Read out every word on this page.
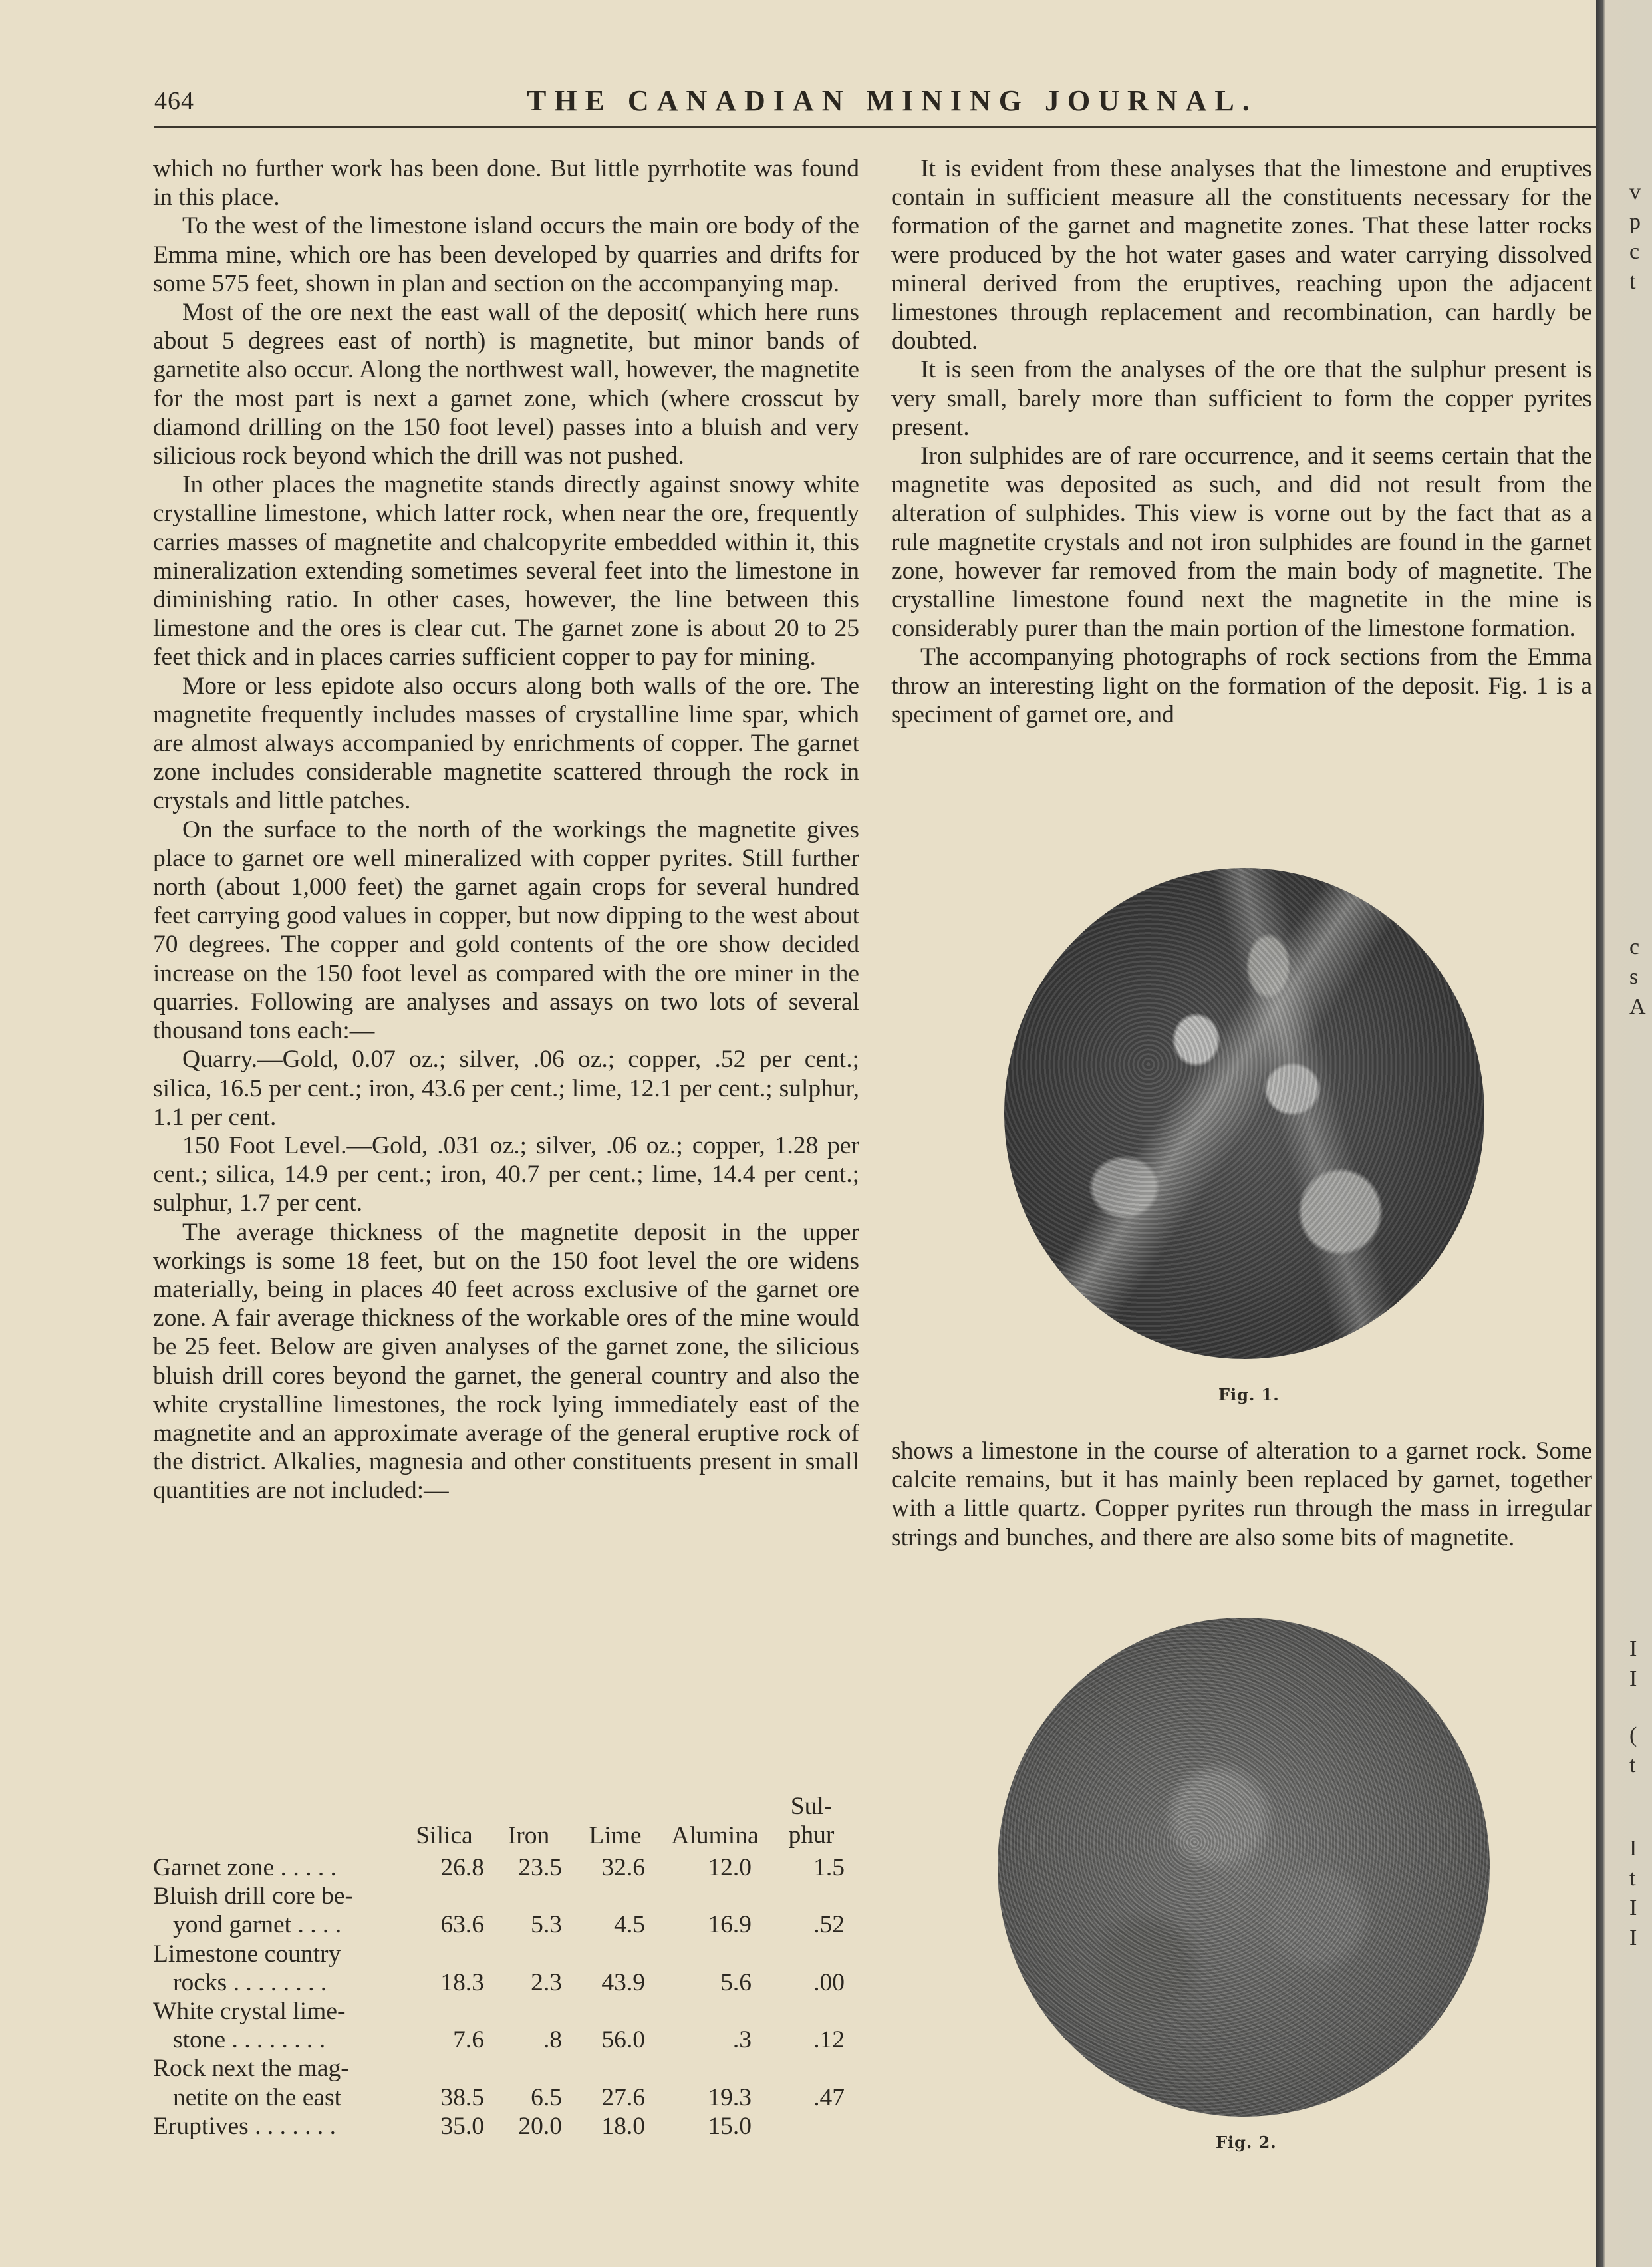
464	THE CANADIAN MINING JOURNAL.

which no further work has been done. But little pyrrhotite was found in this place.

To the west of the limestone island occurs the main ore body of the Emma mine, which ore has been developed by quarries and drifts for some 575 feet, shown in plan and section on the accompanying map.

Most of the ore next the east wall of the deposit( which here runs about 5 degrees east of north) is magnetite, but minor bands of garnetite also occur. Along the northwest wall, however, the magnetite for the most part is next a garnet zone, which (where crosscut by diamond drilling on the 150 foot level) passes into a bluish and very silicious rock beyond which the drill was not pushed.

In other places the magnetite stands directly against snowy white crystalline limestone, which latter rock, when near the ore, frequently carries masses of magnetite and chalcopyrite embedded within it, this mineralization extending sometimes several feet into the limestone in diminishing ratio. In other cases, however, the line between this limestone and the ores is clear cut. The garnet zone is about 20 to 25 feet thick and in places carries sufficient copper to pay for mining.

More or less epidote also occurs along both walls of the ore. The magnetite frequently includes masses of crystalline lime spar, which are almost always accompanied by enrichments of copper. The garnet zone includes considerable magnetite scattered through the rock in crystals and little patches.

On the surface to the north of the workings the magnetite gives place to garnet ore well mineralized with copper pyrites. Still further north (about 1,000 feet) the garnet again crops for several hundred feet carrying good values in copper, but now dipping to the west about 70 degrees. The copper and gold contents of the ore show decided increase on the 150 foot level as compared with the ore miner in the quarries. Following are analyses and assays on two lots of several thousand tons each:—

Quarry.—Gold, 0.07 oz.; silver, .06 oz.; copper, .52 per cent.; silica, 16.5 per cent.; iron, 43.6 per cent.; lime, 12.1 per cent.; sulphur, 1.1 per cent.

150 Foot Level.—Gold, .031 oz.; silver, .06 oz.; copper, 1.28 per cent.; silica, 14.9 per cent.; iron, 40.7 per cent.; lime, 14.4 per cent.; sulphur, 1.7 per cent.

The average thickness of the magnetite deposit in the upper workings is some 18 feet, but on the 150 foot level the ore widens materially, being in places 40 feet across exclusive of the garnet ore zone. A fair average thickness of the workable ores of the mine would be 25 feet. Below are given analyses of the garnet zone, the silicious bluish drill cores beyond the garnet, the general country and also the white crystalline limestones, the rock lying immediately east of the magnetite and an approximate average of the general eruptive rock of the district. Alkalies, magnesia and other constituents present in small quantities are not included:—

Silica	Iron	Lime	Alumina
Sul-
phur
Garnet zone . . . . .	26.8 23.5 32.6	12.0 1.5
Bluish drill core be-
yond garnet . . . .	63.6 5.3 4.5	16.9 .52
Limestone country
rocks . . . . . . . .	18.3 2.3 43.9	5.6 .00
White crystal lime-
stone . . . . . . . .	7.6 .8 56.0	.3 .12
Rock next the mag-
netite on the east	38.5 6.5 27.6	19.3 .47
Eruptives . . . . . . .	35.0 20.0 18.0	15.0

It is evident from these analyses that the limestone and eruptives contain in sufficient measure all the constituents necessary for the formation of the garnet and magnetite zones. That these latter rocks were produced by the hot water gases and water carrying dissolved mineral derived from the eruptives, reaching upon the adjacent limestones through replacement and recombination, can hardly be doubted.

It is seen from the analyses of the ore that the sulphur present is very small, barely more than sufficient to form the copper pyrites present.

Iron sulphides are of rare occurrence, and it seems certain that the magnetite was deposited as such, and did not result from the alteration of sulphides. This view is vorne out by the fact that as a rule magnetite crystals and not iron sulphides are found in the garnet zone, however far removed from the main body of magnetite. The crystalline limestone found next the magnetite in the mine is considerably purer than the main portion of the limestone formation.

The accompanying photographs of rock sections from the Emma throw an interesting light on the formation of the deposit. Fig. 1 is a speciment of garnet ore, and

Fig. 1.

shows a limestone in the course of alteration to a garnet rock. Some calcite remains, but it has mainly been replaced by garnet, together with a little quartz. Copper pyrites run through the mass in irregular strings and bunches, and there are also some bits of magnetite.

Fig. 2.
v
p
c
t
c
s
A
I
I
(
t
I
t
I
I
